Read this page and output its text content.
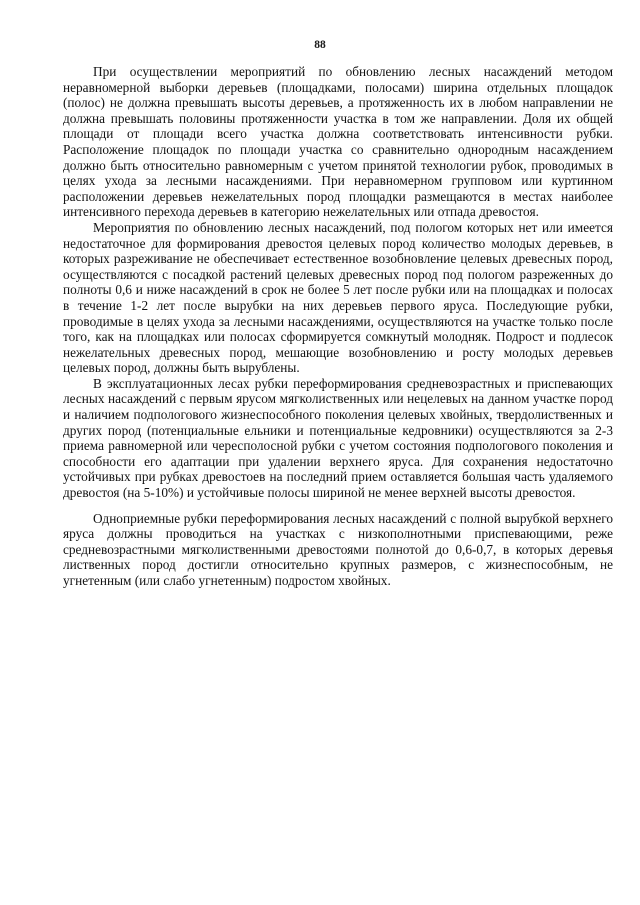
88

При осуществлении мероприятий по обновлению лесных насаждений методом неравномерной выборки деревьев (площадками, полосами) ширина отдельных площадок (полос) не должна превышать высоты деревьев, а протяженность их в любом направлении не должна превышать половины протяженности участка в том же направлении. Доля их общей площади от площади всего участка должна соответствовать интенсивности рубки. Расположение площадок по площади участка со сравнительно однородным насаждением должно быть относительно равномерным с учетом принятой технологии рубок, проводимых в целях ухода за лесными насаждениями. При неравномерном групповом или куртинном расположении деревьев нежелательных пород площадки размещаются в местах наиболее интенсивного перехода деревьев в категорию нежелательных или отпада древостоя.

Мероприятия по обновлению лесных насаждений, под пологом которых нет или имеется недостаточное для формирования древостоя целевых пород количество молодых деревьев, в которых разреживание не обеспечивает естественное возобновление целевых древесных пород, осуществляются с посадкой растений целевых древесных пород под пологом разреженных до полноты 0,6 и ниже насаждений в срок не более 5 лет после рубки или на площадках и полосах в течение 1-2 лет после вырубки на них деревьев первого яруса. Последующие рубки, проводимые в целях ухода за лесными насаждениями, осуществляются на участке только после того, как на площадках или полосах сформируется сомкнутый молодняк. Подрост и подлесок нежелательных древесных пород, мешающие возобновлению и росту молодых деревьев целевых пород, должны быть вырублены.

В эксплуатационных лесах рубки переформирования средневозрастных и приспевающих лесных насаждений с первым ярусом мягколиственных или нецелевых на данном участке пород и наличием подпологового жизнеспособного поколения целевых хвойных, твердолиственных и других пород (потенциальные ельники и потенциальные кедровники) осуществляются за 2-3 приема равномерной или чересполосной рубки с учетом состояния подпологового поколения и способности его адаптации при удалении верхнего яруса. Для сохранения недостаточно устойчивых при рубках древостоев на последний прием оставляется большая часть удаляемого древостоя (на 5-10%) и устойчивые полосы шириной не менее верхней высоты древостоя.

Одноприемные рубки переформирования лесных насаждений с полной вырубкой верхнего яруса должны проводиться на участках с низкополнотными приспевающими, реже средневозрастными мягколиственными древостоями полнотой до 0,6-0,7, в которых деревья лиственных пород достигли относительно крупных размеров, с жизнеспособным, не угнетенным (или слабо угнетенным) подростом хвойных.
